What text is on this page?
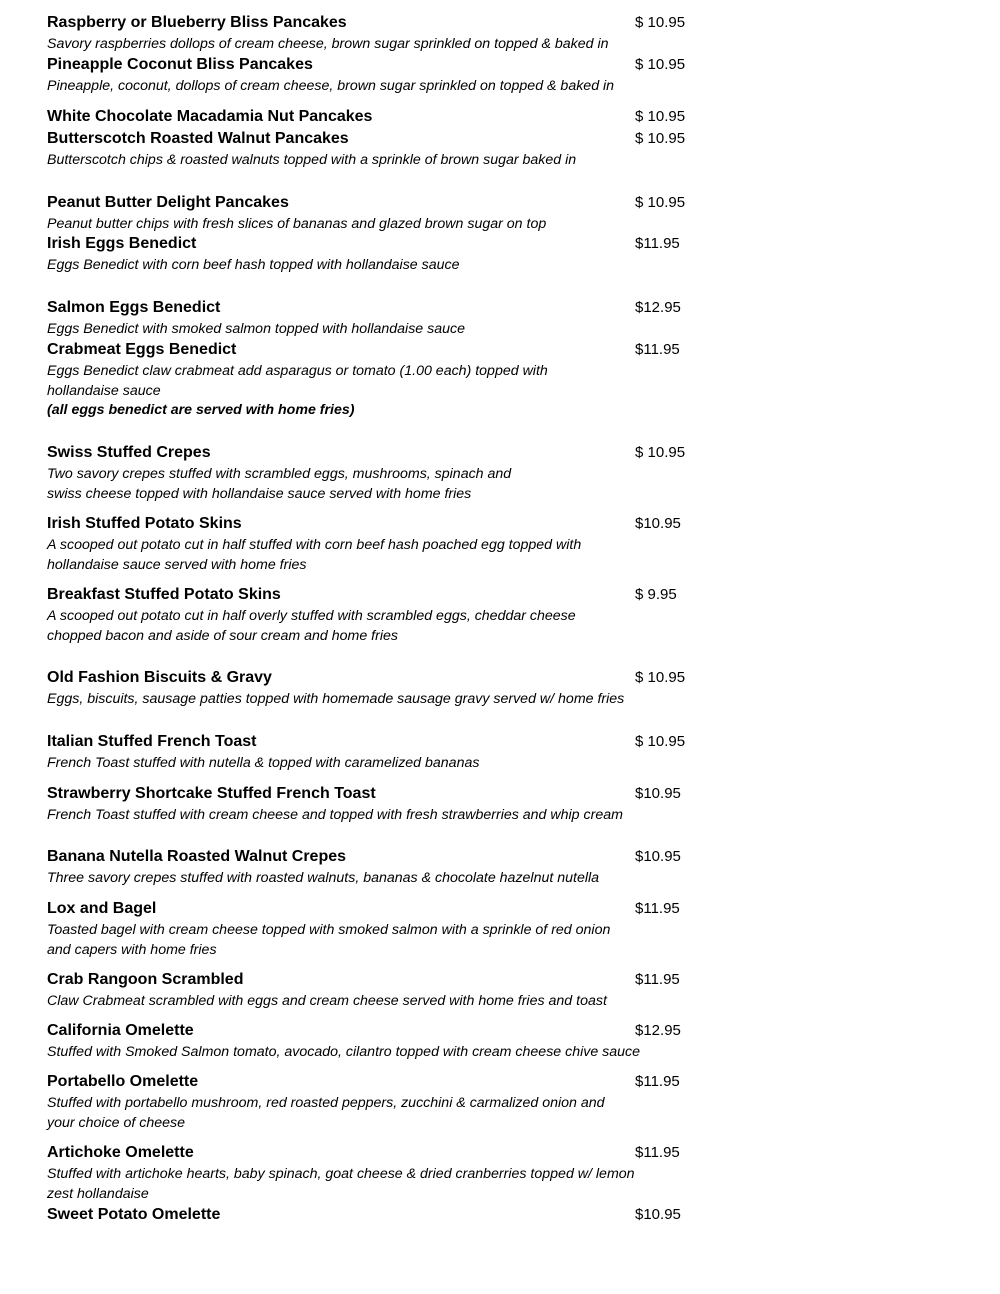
Raspberry or Blueberry Bliss Pancakes	$ 10.95
Savory raspberries dollops of cream cheese, brown sugar sprinkled on topped & baked in
Pineapple Coconut Bliss Pancakes	$ 10.95
Pineapple, coconut, dollops of cream cheese, brown sugar sprinkled on topped & baked in
White Chocolate Macadamia Nut Pancakes	$ 10.95
Butterscotch Roasted Walnut Pancakes	$ 10.95
Butterscotch chips & roasted walnuts topped with a sprinkle of brown sugar baked in
Peanut Butter Delight Pancakes	$ 10.95
Peanut butter chips with fresh slices of bananas and glazed brown sugar on top
Irish Eggs Benedict	$11.95
Eggs Benedict with corn beef hash topped with hollandaise sauce
Salmon Eggs Benedict	$12.95
Eggs Benedict with smoked salmon topped with hollandaise sauce
Crabmeat Eggs Benedict	$11.95
Eggs Benedict claw crabmeat add asparagus or tomato (1.00 each) topped with
hollandaise sauce
(all eggs benedict are served with home fries)
Swiss Stuffed Crepes	$ 10.95
Two savory crepes stuffed with scrambled eggs, mushrooms, spinach and
swiss cheese topped with hollandaise sauce served with home fries
Irish Stuffed Potato Skins	$10.95
A scooped out potato cut in half stuffed with corn beef hash poached egg topped with
hollandaise sauce served with home fries
Breakfast Stuffed Potato Skins	$ 9.95
A scooped out potato cut in half overly stuffed with scrambled eggs, cheddar cheese
chopped bacon and aside of sour cream and home fries
Old Fashion Biscuits & Gravy	$ 10.95
Eggs, biscuits, sausage patties topped with homemade sausage gravy served w/ home fries
Italian Stuffed French Toast	$ 10.95
French Toast stuffed with nutella & topped with caramelized bananas
Strawberry Shortcake Stuffed French Toast	$10.95
French Toast stuffed with cream cheese and topped with fresh strawberries and whip cream
Banana Nutella Roasted Walnut Crepes	$10.95
Three savory crepes stuffed with roasted walnuts, bananas & chocolate hazelnut nutella
Lox and Bagel	$11.95
Toasted bagel with cream cheese topped with smoked salmon with a sprinkle of red onion
and capers with home fries
Crab Rangoon Scrambled	$11.95
Claw Crabmeat scrambled with eggs and cream cheese served with home fries and toast
California Omelette	$12.95
Stuffed with Smoked Salmon tomato, avocado, cilantro topped with cream cheese chive sauce
Portabello Omelette	$11.95
Stuffed with portabello mushroom, red roasted peppers, zucchini & carmalized onion and
your choice of cheese
Artichoke Omelette	$11.95
Stuffed with artichoke hearts, baby spinach, goat cheese & dried cranberries topped w/ lemon
zest hollandaise
Sweet Potato Omelette	$10.95
